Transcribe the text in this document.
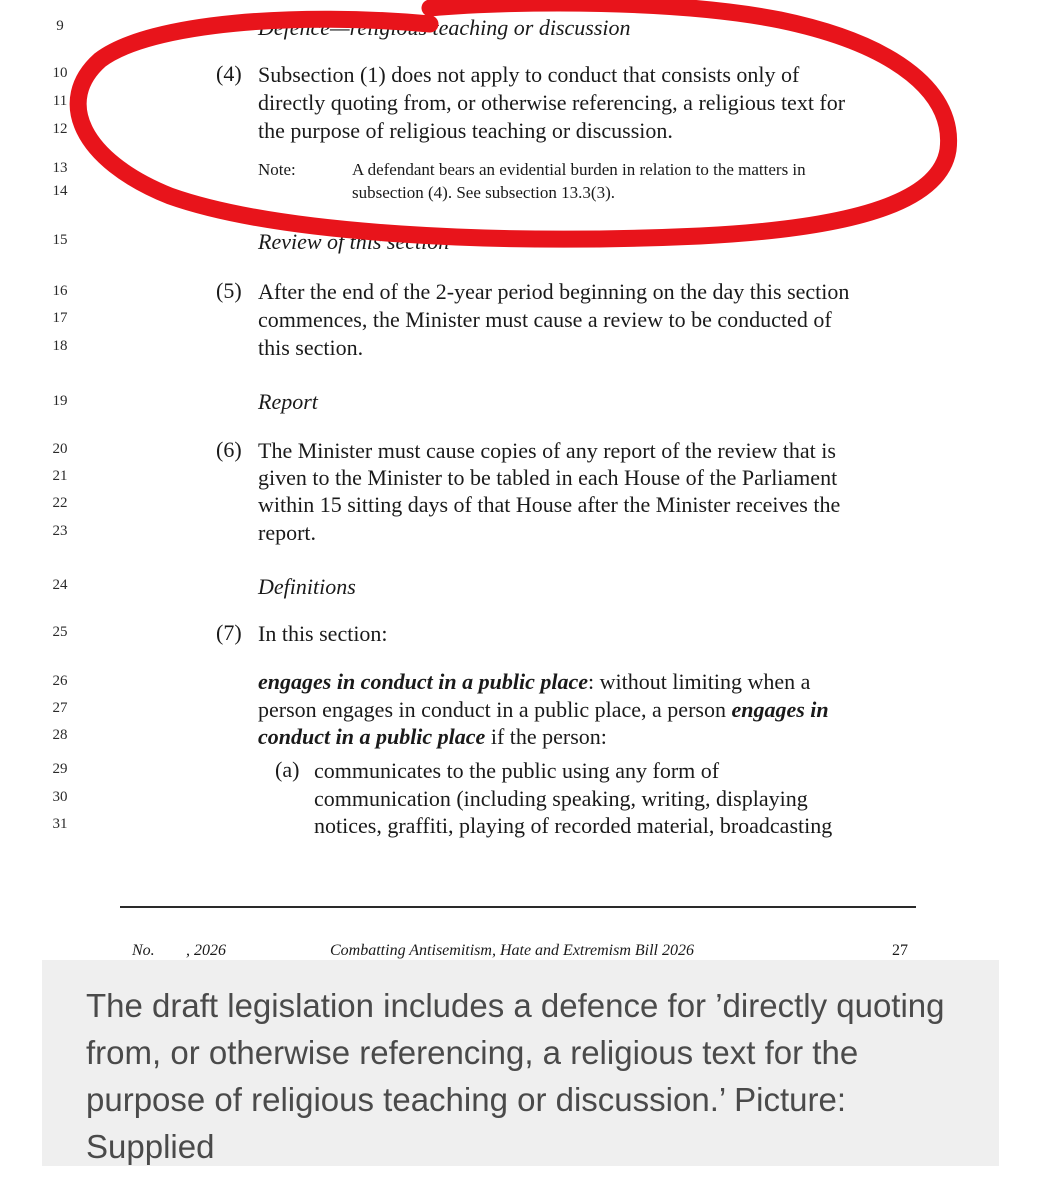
9
10
11
12
13
14
15
16
17
18
19
20
21
22
23
24
25
26
27
28
29
30
31
Defence—religious teaching or discussion
(4) Subsection (1) does not apply to conduct that consists only of
directly quoting from, or otherwise referencing, a religious text for
the purpose of religious teaching or discussion.
Note:	A defendant bears an evidential burden in relation to the matters in
subsection (4). See subsection 13.3(3).
Review of this section
(5) After the end of the 2-year period beginning on the day this section
commences, the Minister must cause a review to be conducted of
this section.
Report
(6) The Minister must cause copies of any report of the review that is
given to the Minister to be tabled in each House of the Parliament
within 15 sitting days of that House after the Minister receives the
report.
Definitions
(7) In this section:
engages in conduct in a public place: without limiting when a
person engages in conduct in a public place, a person engages in
conduct in a public place if the person:
(a) communicates to the public using any form of
communication (including speaking, writing, displaying
notices, graffiti, playing of recorded material, broadcasting
No. , 2026	Combatting Antisemitism, Hate and Extremism Bill 2026	27
The draft legislation includes a defence for ’directly quoting from, or otherwise referencing, a religious text for the purpose of religious teaching or discussion.’ Picture: Supplied
